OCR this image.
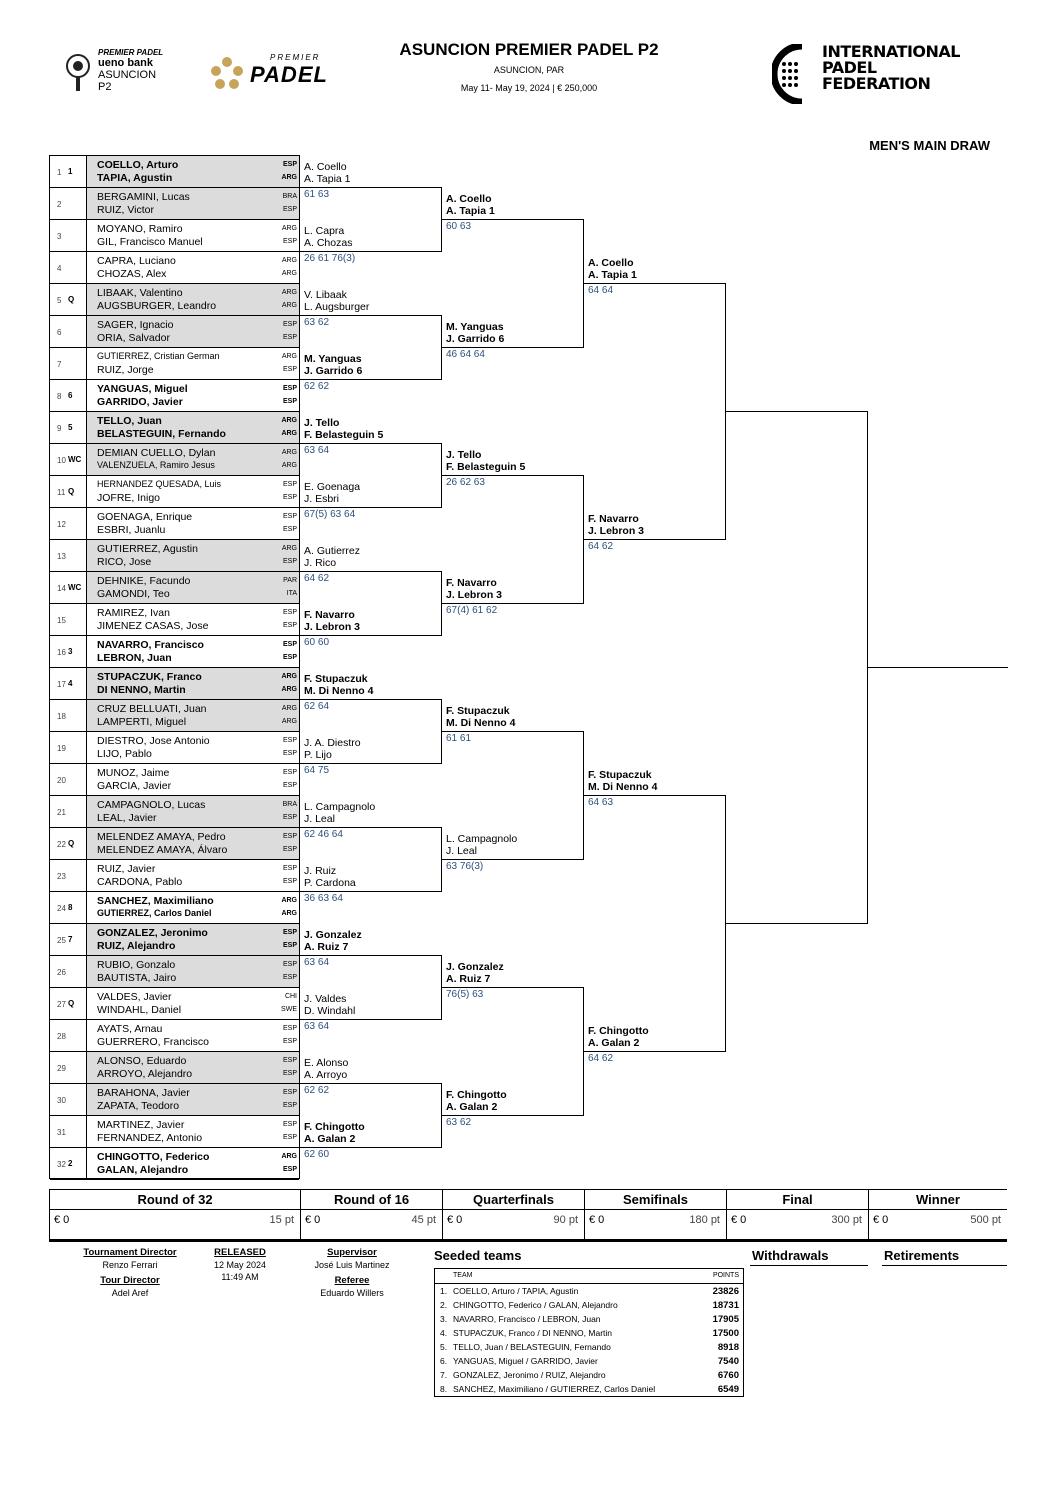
PREMIER PADEL
ueno bank
ASUNCION
P2
PREMIER
PADEL
ASUNCION PREMIER PADEL P2
ASUNCION, PAR
May 11- May 19, 2024 | € 250,000
INTERNATIONAL
PADEL
FEDERATION
MEN'S MAIN DRAW
1 1
COELLO, Arturo	ESP
TAPIA, Agustin	ARG
2
BERGAMINI, Lucas	BRA
RUIZ, Victor	ESP
3
MOYANO, Ramiro	ARG
GIL, Francisco Manuel	ESP
4
CAPRA, Luciano	ARG
CHOZAS, Alex	ARG
5 Q
LIBAAK, Valentino	ARG
AUGSBURGER, Leandro	ARG
6
SAGER, Ignacio	ESP
ORIA, Salvador	ESP
7
GUTIERREZ, Cristian German	ARG
RUIZ, Jorge	ESP
8 6
YANGUAS, Miguel	ESP
GARRIDO, Javier	ESP
9 5
TELLO, Juan	ARG
BELASTEGUIN, Fernando	ARG
10 WC
DEMIAN CUELLO, Dylan	ARG
VALENZUELA, Ramiro Jesus	ARG
11 Q
HERNANDEZ QUESADA, Luis	ESP
JOFRE, Inigo	ESP
12
GOENAGA, Enrique	ESP
ESBRI, Juanlu	ESP
13
GUTIERREZ, Agustin	ARG
RICO, Jose	ESP
14 WC
DEHNIKE, Facundo	PAR
GAMONDI, Teo	ITA
15
RAMIREZ, Ivan	ESP
JIMENEZ CASAS, Jose	ESP
16 3
NAVARRO, Francisco	ESP
LEBRON, Juan	ESP
17 4
STUPACZUK, Franco	ARG
DI NENNO, Martin	ARG
18
CRUZ BELLUATI, Juan	ARG
LAMPERTI, Miguel	ARG
19
DIESTRO, Jose Antonio	ESP
LIJO, Pablo	ESP
20
MUNOZ, Jaime	ESP
GARCIA, Javier	ESP
21
CAMPAGNOLO, Lucas	BRA
LEAL, Javier	ESP
22 Q
MELENDEZ AMAYA, Pedro	ESP
MELENDEZ AMAYA, Álvaro	ESP
23
RUIZ, Javier	ESP
CARDONA, Pablo	ESP
24 8
SANCHEZ, Maximiliano	ARG
GUTIERREZ, Carlos Daniel	ARG
25 7
GONZALEZ, Jeronimo	ESP
RUIZ, Alejandro	ESP
26
RUBIO, Gonzalo	ESP
BAUTISTA, Jairo	ESP
27 Q
VALDES, Javier	CHI
WINDAHL, Daniel	SWE
28
AYATS, Arnau	ESP
GUERRERO, Francisco	ESP
29
ALONSO, Eduardo	ESP
ARROYO, Alejandro	ESP
30
BARAHONA, Javier	ESP
ZAPATA, Teodoro	ESP
31
MARTINEZ, Javier	ESP
FERNANDEZ, Antonio	ESP
32 2
CHINGOTTO, Federico	ARG
GALAN, Alejandro	ESP
A. Coello
A. Tapia 1
61 63
L. Capra
A. Chozas
26 61 76(3)
V. Libaak
L. Augsburger
63 62
M. Yanguas
J. Garrido 6
62 62
J. Tello
F. Belasteguin 5
63 64
E. Goenaga
J. Esbri
67(5) 63 64
A. Gutierrez
J. Rico
64 62
F. Navarro
J. Lebron 3
60 60
F. Stupaczuk
M. Di Nenno 4
62 64
J. A. Diestro
P. Lijo
64 75
L. Campagnolo
J. Leal
62 46 64
J. Ruiz
P. Cardona
36 63 64
J. Gonzalez
A. Ruiz 7
63 64
J. Valdes
D. Windahl
63 64
E. Alonso
A. Arroyo
62 62
F. Chingotto
A. Galan 2
62 60
A. Coello
A. Tapia 1
60 63
M. Yanguas
J. Garrido 6
46 64 64
J. Tello
F. Belasteguin 5
26 62 63
F. Navarro
J. Lebron 3
67(4) 61 62
F. Stupaczuk
M. Di Nenno 4
61 61
L. Campagnolo
J. Leal
63 76(3)
J. Gonzalez
A. Ruiz 7
76(5) 63
F. Chingotto
A. Galan 2
63 62
A. Coello
A. Tapia 1
64 64
F. Navarro
J. Lebron 3
64 62
F. Stupaczuk
M. Di Nenno 4
64 63
F. Chingotto
A. Galan 2
64 62
Round of 32
€ 0	15 pt
Round of 16
€ 0	45 pt
Quarterfinals
€ 0	90 pt
Semifinals
€ 0	180 pt
Final
€ 0	300 pt
Winner
€ 0	500 pt
Tournament Director
Renzo Ferrari
Tour Director
Adel Aref
RELEASED
12 May 2024
11:49 AM
Supervisor
José Luis Martinez
Referee
Eduardo Willers
Seeded teams
TEAM	POINTS
1. COELLO, Arturo / TAPIA, Agustin	23826
2. CHINGOTTO, Federico / GALAN, Alejandro	18731
3. NAVARRO, Francisco / LEBRON, Juan	17905
4. STUPACZUK, Franco / DI NENNO, Martin	17500
5. TELLO, Juan / BELASTEGUIN, Fernando	8918
6. YANGUAS, Miguel / GARRIDO, Javier	7540
7. GONZALEZ, Jeronimo / RUIZ, Alejandro	6760
8. SANCHEZ, Maximiliano / GUTIERREZ, Carlos Daniel	6549
Withdrawals	Retirements
